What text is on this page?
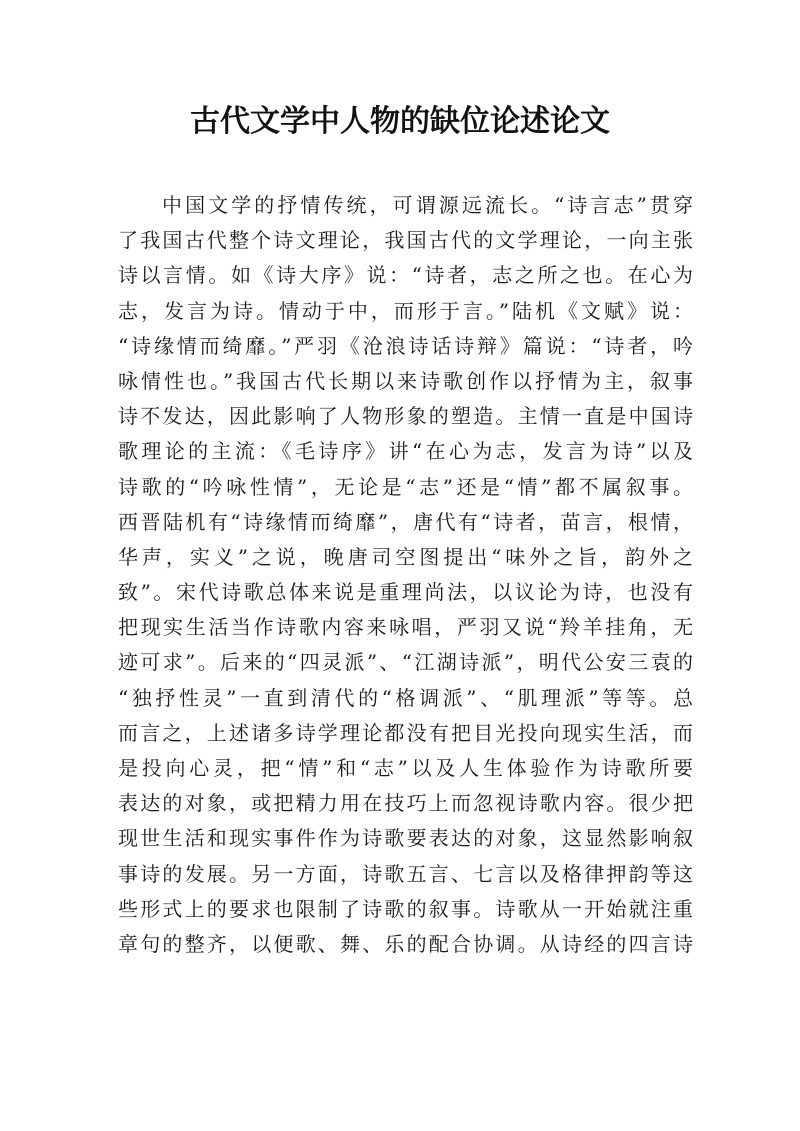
古代文学中人物的缺位论述论文
中国文学的抒情传统，可谓源远流长。“诗言志”贯穿
了我国古代整个诗文理论，我国古代的文学理论，一向主张
诗以言情。如《诗大序》说：“诗者，志之所之也。在心为
志，发言为诗。情动于中，而形于言。”陆机《文赋》说：
“诗缘情而绮靡。”严羽《沧浪诗话诗辩》篇说：“诗者，吟
咏情性也。”我国古代长期以来诗歌创作以抒情为主，叙事
诗不发达，因此影响了人物形象的塑造。主情一直是中国诗
歌理论的主流：《毛诗序》讲“在心为志，发言为诗”以及
诗歌的“吟咏性情”，无论是“志”还是“情”都不属叙事。
西晋陆机有“诗缘情而绮靡”，唐代有“诗者，苗言，根情，
华声，实义”之说，晚唐司空图提出“味外之旨，韵外之
致”。宋代诗歌总体来说是重理尚法，以议论为诗，也没有
把现实生活当作诗歌内容来咏唱，严羽又说“羚羊挂角，无
迹可求”。后来的“四灵派”、“江湖诗派”，明代公安三袁的
“独抒性灵”一直到清代的“格调派”、“肌理派”等等。总
而言之，上述诸多诗学理论都没有把目光投向现实生活，而
是投向心灵，把“情”和“志”以及人生体验作为诗歌所要
表达的对象，或把精力用在技巧上而忽视诗歌内容。很少把
现世生活和现实事件作为诗歌要表达的对象，这显然影响叙
事诗的发展。另一方面，诗歌五言、七言以及格律押韵等这
些形式上的要求也限制了诗歌的叙事。诗歌从一开始就注重
章句的整齐，以便歌、舞、乐的配合协调。从诗经的四言诗
